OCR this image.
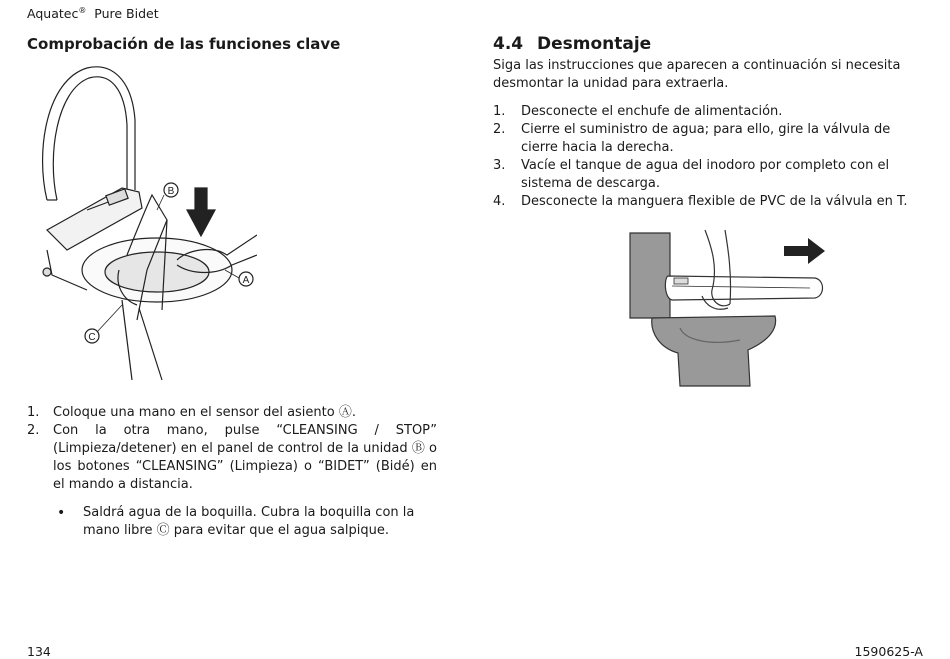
Aquatec® Pure Bidet
Comprobación de las funciones clave
B
A
C
1.	Coloque una mano en el sensor del asiento Ⓐ.
2.	Con la otra mano, pulse “CLEANSING / STOP” (Limpieza/detener) en el panel de control de la unidad Ⓑ o los botones “CLEANSING” (Limpieza) o “BIDET” (Bidé) en el mando a distancia.
•	Saldrá agua de la boquilla. Cubra la boquilla con la mano libre Ⓒ para evitar que el agua salpique.
4.4 Desmontaje
Siga las instrucciones que aparecen a continuación si necesita desmontar la unidad para extraerla.
1.	Desconecte el enchufe de alimentación.
2.	Cierre el suministro de agua; para ello, gire la válvula de cierre hacia la derecha.
3.	Vacíe el tanque de agua del inodoro por completo con el sistema de descarga.
4.	Desconecte la manguera flexible de PVC de la válvula en T.
134	1590625-A
